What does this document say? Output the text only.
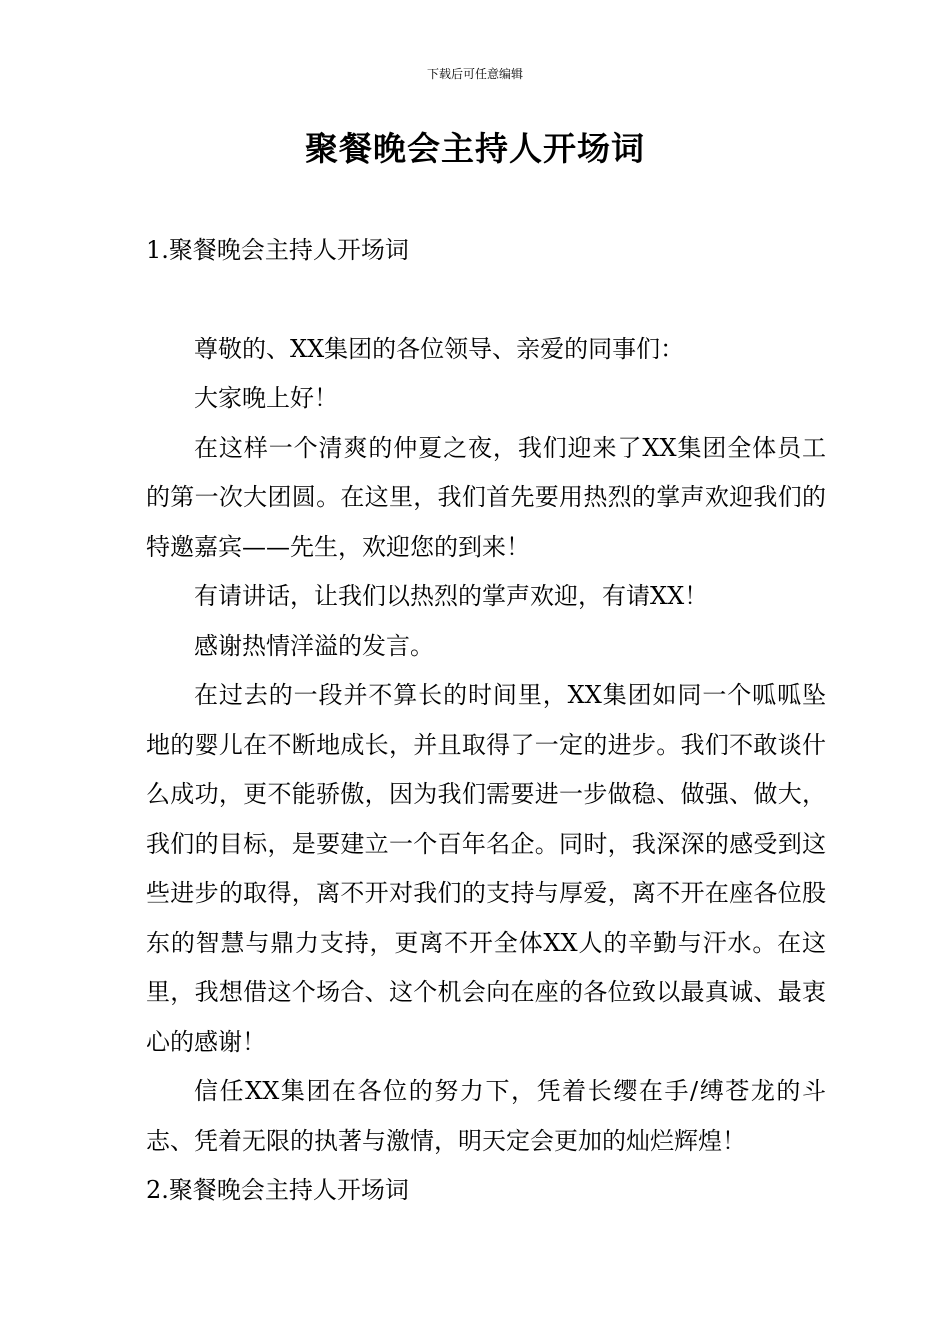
下载后可任意编辑
聚餐晚会主持人开场词

1.聚餐晚会主持人开场词

尊敬的、XX集团的各位领导、亲爱的同事们：

大家晚上好！

在这样一个清爽的仲夏之夜，我们迎来了XX集团全体员工的第一次大团圆。在这里，我们首先要用热烈的掌声欢迎我们的特邀嘉宾——先生，欢迎您的到来！

有请讲话，让我们以热烈的掌声欢迎，有请XX！

感谢热情洋溢的发言。

在过去的一段并不算长的时间里，XX集团如同一个呱呱坠地的婴儿在不断地成长，并且取得了一定的进步。我们不敢谈什么成功，更不能骄傲，因为我们需要进一步做稳、做强、做大，我们的目标，是要建立一个百年名企。同时，我深深的感受到这些进步的取得，离不开对我们的支持与厚爱，离不开在座各位股东的智慧与鼎力支持，更离不开全体XX人的辛勤与汗水。在这里，我想借这个场合、这个机会向在座的各位致以最真诚、最衷心的感谢！

信任XX集团在各位的努力下，凭着长缨在手/缚苍龙的斗志、凭着无限的执著与激情，明天定会更加的灿烂辉煌！

2.聚餐晚会主持人开场词
